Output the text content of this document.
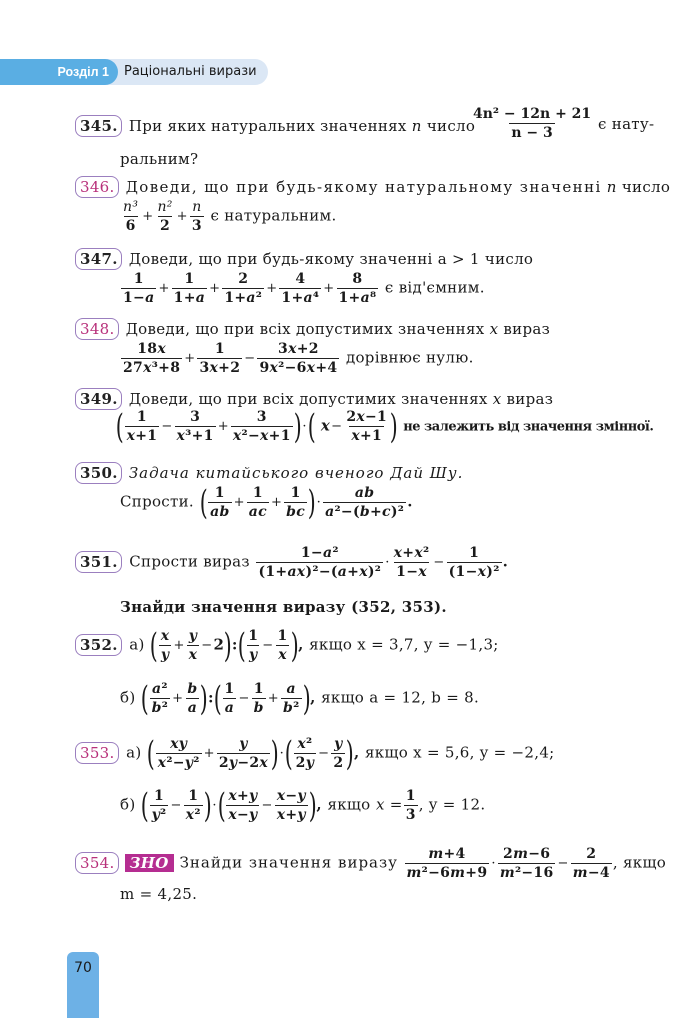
Розділ 1	Раціональні вирази
345. При яких натуральних значеннях n число
$\frac{\text{4n² − 12n + 21}}{n - 3}$ є нату-
ральним?
346. Доведи, що при будь-якому натуральному значенні n число
$\frac{\text{n³}}{6} + \frac{\text{n²}}{2} + \frac{n}{3}$ є натуральним.
347. Доведи, що при будь-якому значенні a > 1 число
$\frac{1}{1-a} + \frac{1}{1+a} + \frac{2}{\text{1+a²}} + \frac{4}{\text{1+a⁴}} + \frac{8}{\text{1+a⁸}}$ є від'ємним.
348. Доведи, що при всіх допустимих значеннях x вираз
$\frac{18x}{\text{27x³+8}} + \frac{1}{3x+2} - \frac{3x+2}{\text{9x²−6x+4}}$ дорівнює нулю.
349. Доведи, що при всіх допустимих значеннях x вираз
( $\frac{1}{x+1} - \frac{3}{\text{x³+1}} + \frac{3}{\text{x²−x+1}}$ )·( $x- \frac{2x-1}{x+1}$ ) не залежить від значення змінної.
350. Задача китайського вченого Дай Шу.
Спрости. ( $\frac{1}{ab} + \frac{1}{ac} + \frac{1}{bc}$ )· $\frac{ab}{\text{a²−(b+c)²}}$ .
351. Спрости вираз $\frac{\text{1−a²}}{\text{(1+ax)²−(a+x)²}} \cdot \frac{\text{x+x²}}{1-x} - \frac{1}{\text{(1−x)²}}$ .
Знайди значення виразу (352, 353).
352. а) ( $\frac{x}{y} + \frac{y}{x}$ −2):( $\frac{1}{y} - \frac{1}{x}$ ), якщо x = 3,7, y = −1,3;
б) ( $\frac{\text{a²}}{\text{b²}} + \frac{b}{a}$ ):( $\frac{1}{a} - \frac{1}{b} + \frac{a}{\text{b²}}$ ), якщо a = 12, b = 8.
353. а) ( $\frac{xy}{\text{x²−y²}} + \frac{y}{2y-2x}$ )·( $\frac{\text{x²}}{2y} - \frac{y}{2}$ ), якщо x = 5,6, y = −2,4;
б) ( $\frac{1}{\text{y²}} - \frac{1}{\text{x²}}$ )·( $\frac{x+y}{x-y} - \frac{x-y}{x+y}$ ), якщо $x = \frac{1}{3}$ , y = 12.
354. ЗНО Знайди значення виразу $\frac{m+4}{\text{m²−6m+9}} \cdot \frac{2m-6}{\text{m²−16}} - \frac{2}{m-4}$ , якщо
m = 4,25.
70
